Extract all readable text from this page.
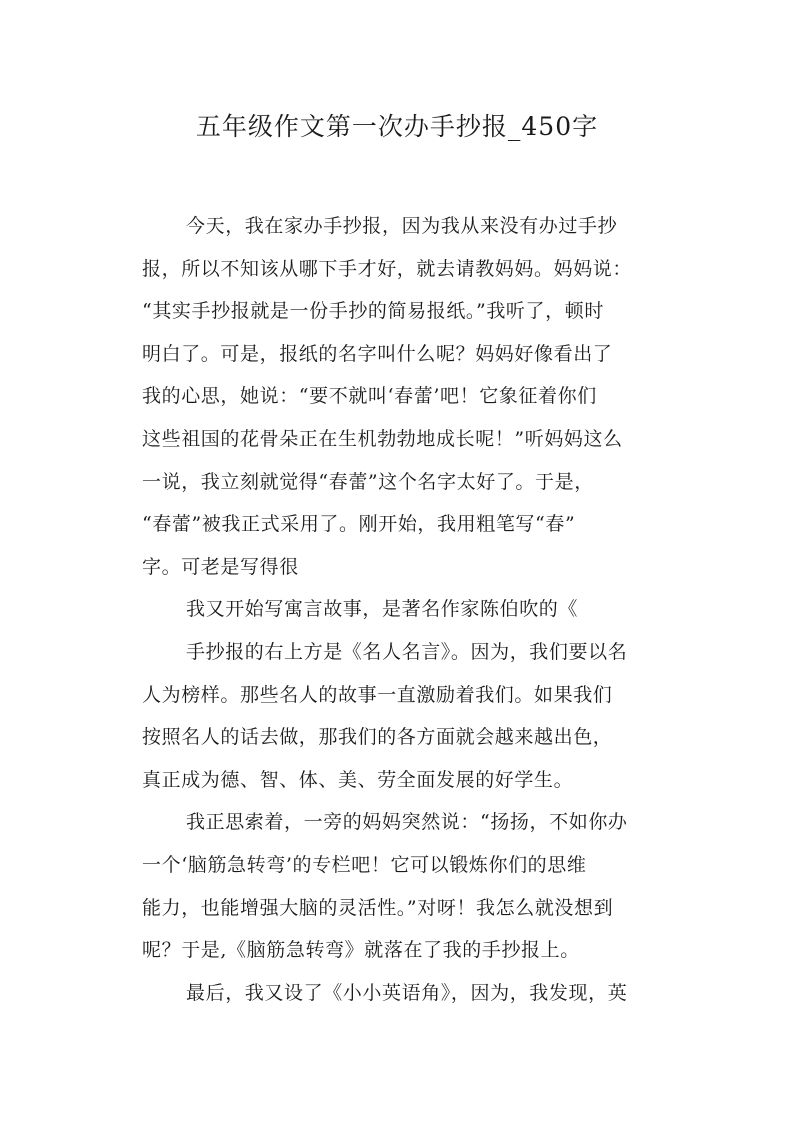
五年级作文第一次办手抄报_450字
今天，我在家办手抄报，因为我从来没有办过手抄
报，所以不知该从哪下手才好，就去请教妈妈。妈妈说：
“其实手抄报就是一份手抄的简易报纸。”我听了，顿时
明白了。可是，报纸的名字叫什么呢？妈妈好像看出了
我的心思，她说：“要不就叫‘春蕾’吧！它象征着你们
这些祖国的花骨朵正在生机勃勃地成长呢！”听妈妈这么
一说，我立刻就觉得“春蕾”这个名字太好了。于是，
“春蕾”被我正式采用了。刚开始，我用粗笔写“春”
字。可老是写得很
我又开始写寓言故事，是著名作家陈伯吹的《
手抄报的右上方是《名人名言》。因为，我们要以名
人为榜样。那些名人的故事一直激励着我们。如果我们
按照名人的话去做，那我们的各方面就会越来越出色，
真正成为德、智、体、美、劳全面发展的好学生。
我正思索着，一旁的妈妈突然说：“扬扬，不如你办
一个‘脑筋急转弯’的专栏吧！它可以锻炼你们的思维
能力，也能增强大脑的灵活性。”对呀！我怎么就没想到
呢？于是,《脑筋急转弯》就落在了我的手抄报上。
最后，我又设了《小小英语角》，因为，我发现，英
